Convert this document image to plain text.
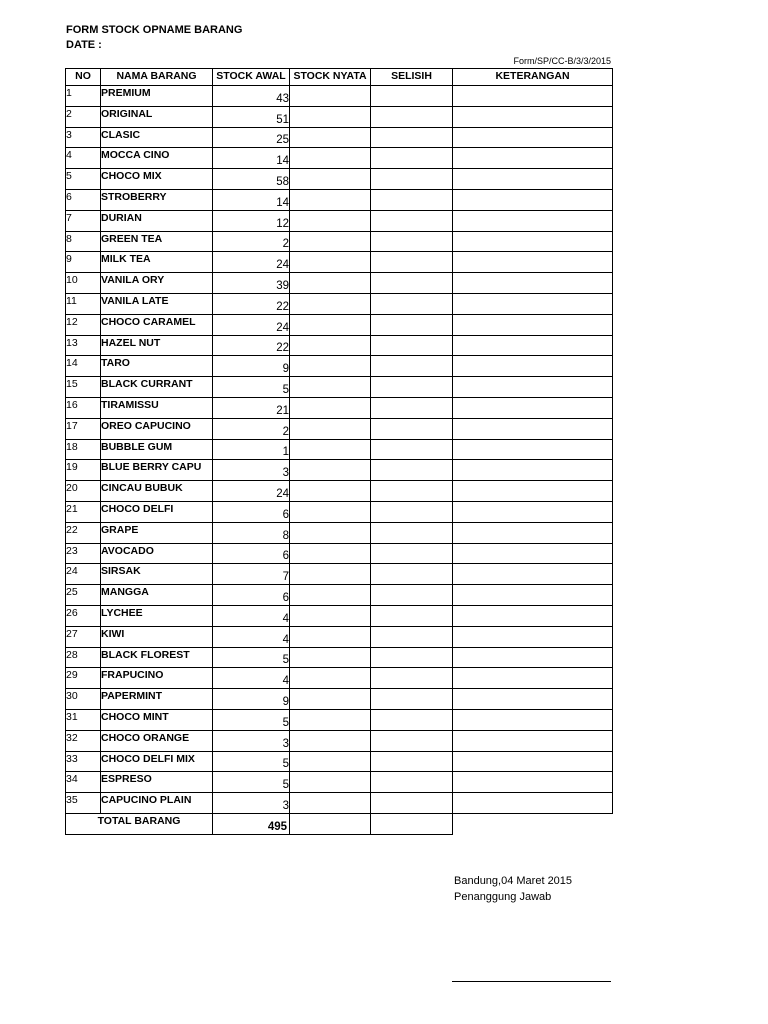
FORM STOCK OPNAME BARANG
DATE :
Form/SP/CC-B/3/3/2015
NO	NAMA BARANG	STOCK AWAL	STOCK NYATA	SELISIH	KETERANGAN
1	PREMIUM	43			
2	ORIGINAL	51			
3	CLASIC	25			
4	MOCCA CINO	14			
5	CHOCO MIX	58			
6	STROBERRY	14			
7	DURIAN	12			
8	GREEN TEA	2			
9	MILK TEA	24			
10	VANILA ORY	39			
11	VANILA LATE	22			
12	CHOCO CARAMEL	24			
13	HAZEL NUT	22			
14	TARO	9			
15	BLACK CURRANT	5			
16	TIRAMISSU	21			
17	OREO CAPUCINO	2			
18	BUBBLE GUM	1			
19	BLUE BERRY CAPU	3			
20	CINCAU BUBUK	24			
21	CHOCO DELFI	6			
22	GRAPE	8			
23	AVOCADO	6			
24	SIRSAK	7			
25	MANGGA	6			
26	LYCHEE	4			
27	KIWI	4			
28	BLACK FLOREST	5			
29	FRAPUCINO	4			
30	PAPERMINT	9			
31	CHOCO MINT	5			
32	CHOCO ORANGE	3			
33	CHOCO DELFI MIX	5			
34	ESPRESO	5			
35	CAPUCINO PLAIN	3			
TOTAL BARANG		495			
Bandung,04 Maret 2015
Penanggung Jawab
